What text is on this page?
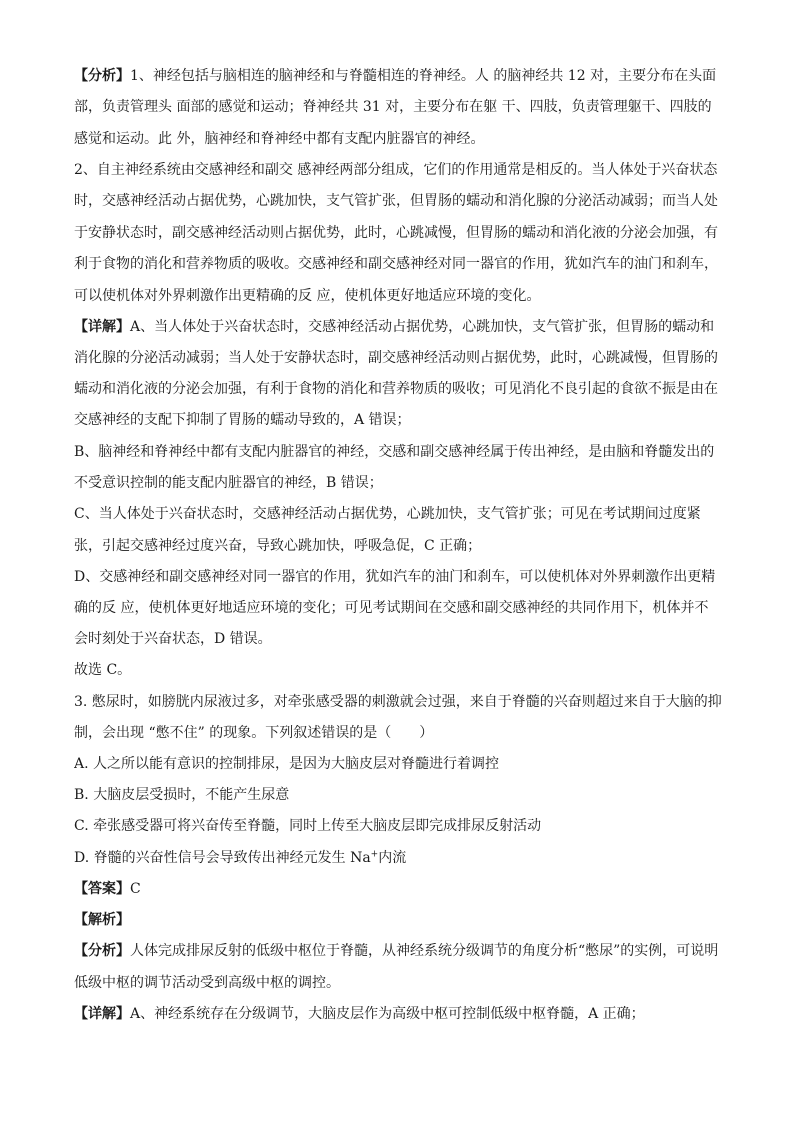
【分析】1、神经包括与脑相连的脑神经和与脊髓相连的脊神经。人 的脑神经共 12 对，主要分布在头面
部，负责管理头 面部的感觉和运动；脊神经共 31 对，主要分布在躯 干、四肢，负责管理躯干、四肢的
感觉和运动。此 外，脑神经和脊神经中都有支配内脏器官的神经。
2、自主神经系统由交感神经和副交 感神经两部分组成，它们的作用通常是相反的。当人体处于兴奋状态
时，交感神经活动占据优势，心跳加快，支气管扩张，但胃肠的蠕动和消化腺的分泌活动减弱；而当人处
于安静状态时，副交感神经活动则占据优势，此时，心跳减慢，但胃肠的蠕动和消化液的分泌会加强，有
利于食物的消化和营养物质的吸收。交感神经和副交感神经对同一器官的作用，犹如汽车的油门和刹车，
可以使机体对外界刺激作出更精确的反 应，使机体更好地适应环境的变化。
【详解】A、当人体处于兴奋状态时，交感神经活动占据优势，心跳加快，支气管扩张，但胃肠的蠕动和
消化腺的分泌活动减弱；当人处于安静状态时，副交感神经活动则占据优势，此时，心跳减慢，但胃肠的
蠕动和消化液的分泌会加强，有利于食物的消化和营养物质的吸收；可见消化不良引起的食欲不振是由在
交感神经的支配下抑制了胃肠的蠕动导致的，A 错误；
B、脑神经和脊神经中都有支配内脏器官的神经，交感和副交感神经属于传出神经，是由脑和脊髓发出的
不受意识控制的能支配内脏器官的神经，B 错误；
C、当人体处于兴奋状态时，交感神经活动占据优势，心跳加快，支气管扩张；可见在考试期间过度紧
张，引起交感神经过度兴奋，导致心跳加快，呼吸急促，C 正确；
D、交感神经和副交感神经对同一器官的作用，犹如汽车的油门和刹车，可以使机体对外界刺激作出更精
确的反 应，使机体更好地适应环境的变化；可见考试期间在交感和副交感神经的共同作用下，机体并不
会时刻处于兴奋状态，D 错误。
故选 C。
3. 憋尿时，如膀胱内尿液过多，对牵张感受器的刺激就会过强，来自于脊髓的兴奋则超过来自于大脑的抑
制，会出现 “憋不住” 的现象。下列叙述错误的是（　　）
A. 人之所以能有意识的控制排尿，是因为大脑皮层对脊髓进行着调控
B. 大脑皮层受损时，不能产生尿意
C. 牵张感受器可将兴奋传至脊髓，同时上传至大脑皮层即完成排尿反射活动
D. 脊髓的兴奋性信号会导致传出神经元发生 Na+内流
【答案】C
【解析】
【分析】人体完成排尿反射的低级中枢位于脊髓，从神经系统分级调节的角度分析“憋尿”的实例，可说明
低级中枢的调节活动受到高级中枢的调控。
【详解】A、神经系统存在分级调节，大脑皮层作为高级中枢可控制低级中枢脊髓，A 正确；
